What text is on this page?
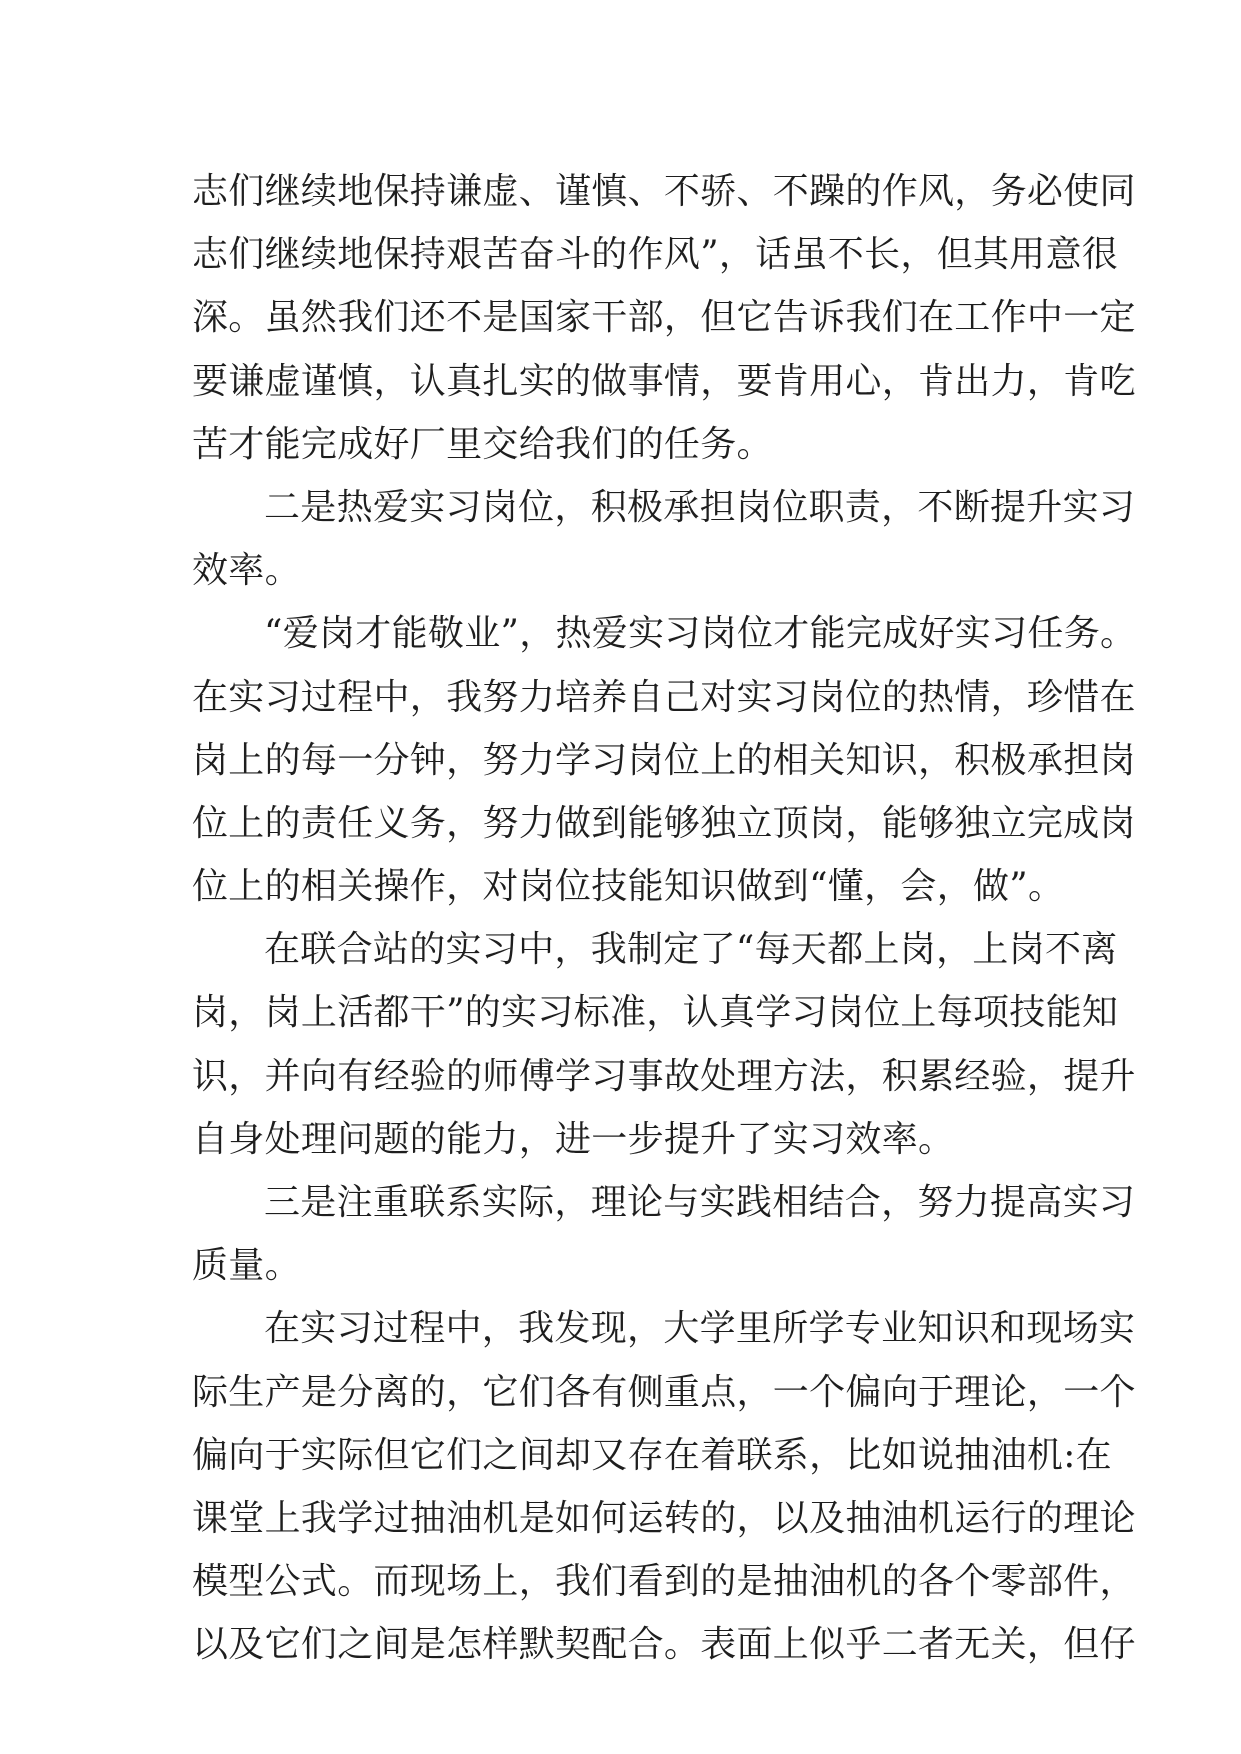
志们继续地保持谦虚、谨慎、不骄、不躁的作风，务必使同
志们继续地保持艰苦奋斗的作风”，话虽不长，但其用意很
深。虽然我们还不是国家干部，但它告诉我们在工作中一定
要谦虚谨慎，认真扎实的做事情，要肯用心，肯出力，肯吃
苦才能完成好厂里交给我们的任务。
二是热爱实习岗位，积极承担岗位职责，不断提升实习
效率。
“爱岗才能敬业”，热爱实习岗位才能完成好实习任务。
在实习过程中，我努力培养自己对实习岗位的热情，珍惜在
岗上的每一分钟，努力学习岗位上的相关知识，积极承担岗
位上的责任义务，努力做到能够独立顶岗，能够独立完成岗
位上的相关操作，对岗位技能知识做到“懂，会，做”。
在联合站的实习中，我制定了“每天都上岗，上岗不离
岗，岗上活都干”的实习标准，认真学习岗位上每项技能知
识，并向有经验的师傅学习事故处理方法，积累经验，提升
自身处理问题的能力，进一步提升了实习效率。
三是注重联系实际，理论与实践相结合，努力提高实习
质量。
在实习过程中，我发现，大学里所学专业知识和现场实
际生产是分离的，它们各有侧重点，一个偏向于理论，一个
偏向于实际但它们之间却又存在着联系，比如说抽油机:在
课堂上我学过抽油机是如何运转的，以及抽油机运行的理论
模型公式。而现场上，我们看到的是抽油机的各个零部件，
以及它们之间是怎样默契配合。表面上似乎二者无关，但仔
